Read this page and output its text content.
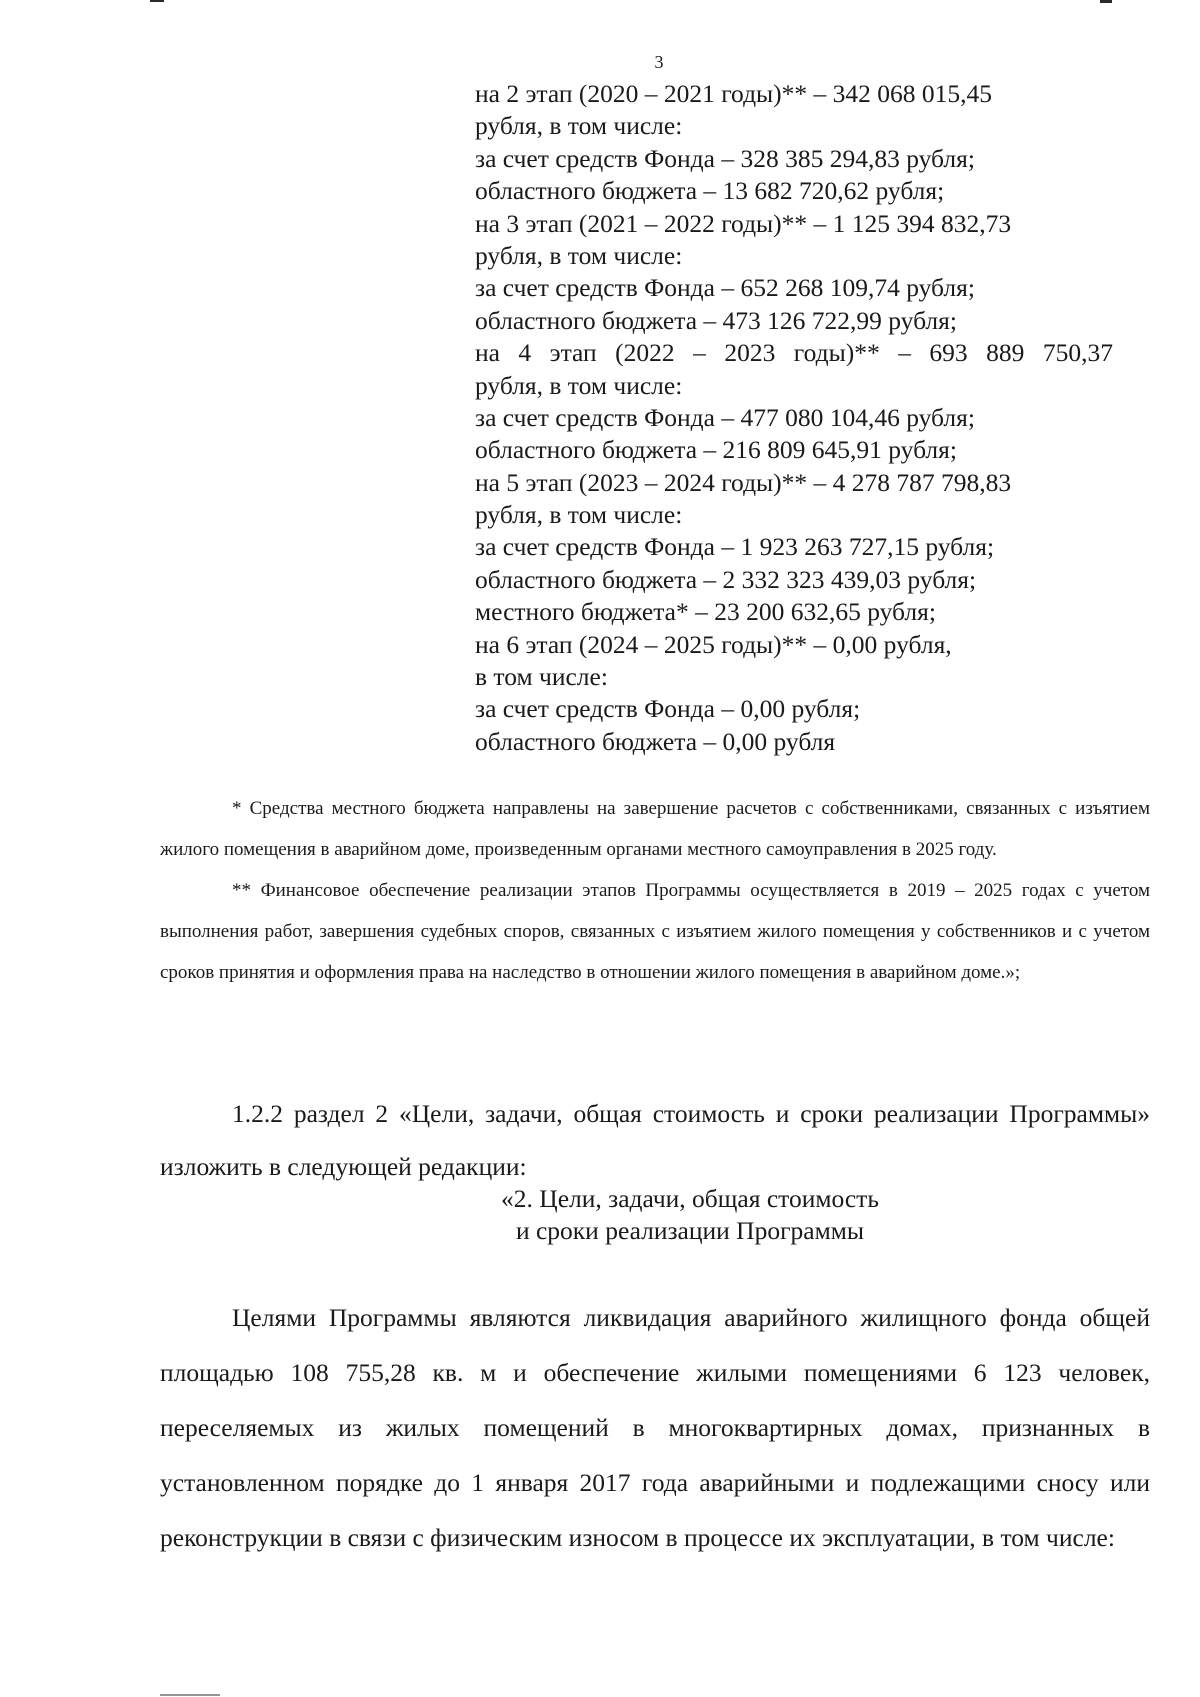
3
на 2 этап (2020 – 2021 годы)** – 342 068 015,45
рубля, в том числе:
за счет средств Фонда – 328 385 294,83 рубля;
областного бюджета – 13 682 720,62 рубля;
на 3 этап (2021 – 2022 годы)** – 1 125 394 832,73
рубля, в том числе:
за счет средств Фонда – 652 268 109,74 рубля;
областного бюджета – 473 126 722,99 рубля;
на 4 этап (2022 – 2023 годы)** – 693 889 750,37
рубля, в том числе:
за счет средств Фонда – 477 080 104,46 рубля;
областного бюджета – 216 809 645,91 рубля;
на 5 этап (2023 – 2024 годы)** – 4 278 787 798,83
рубля, в том числе:
за счет средств Фонда – 1 923 263 727,15 рубля;
областного бюджета – 2 332 323 439,03 рубля;
местного бюджета* – 23 200 632,65 рубля;
на 6 этап (2024 – 2025 годы)** – 0,00 рубля,
в том числе:
за счет средств Фонда – 0,00 рубля;
областного бюджета – 0,00 рубля

* Средства местного бюджета направлены на завершение расчетов с собственниками, связанных с изъятием жилого помещения в аварийном доме, произведенным органами местного самоуправления в 2025 году.

** Финансовое обеспечение реализации этапов Программы осуществляется в 2019 – 2025 годах с учетом выполнения работ, завершения судебных споров, связанных с изъятием жилого помещения у собственников и с учетом сроков принятия и оформления права на наследство в отношении жилого помещения в аварийном доме.»;

1.2.2 раздел 2 «Цели, задачи, общая стоимость и сроки реализации Программы» изложить в следующей редакции:

«2. Цели, задачи, общая стоимость
и сроки реализации Программы

Целями Программы являются ликвидация аварийного жилищного фонда общей площадью 108 755,28 кв. м и обеспечение жилыми помещениями 6 123 человек, переселяемых из жилых помещений в многоквартирных домах, признанных в установленном порядке до 1 января 2017 года аварийными и подлежащими сносу или реконструкции в связи с физическим износом в процессе их эксплуатации, в том числе:
